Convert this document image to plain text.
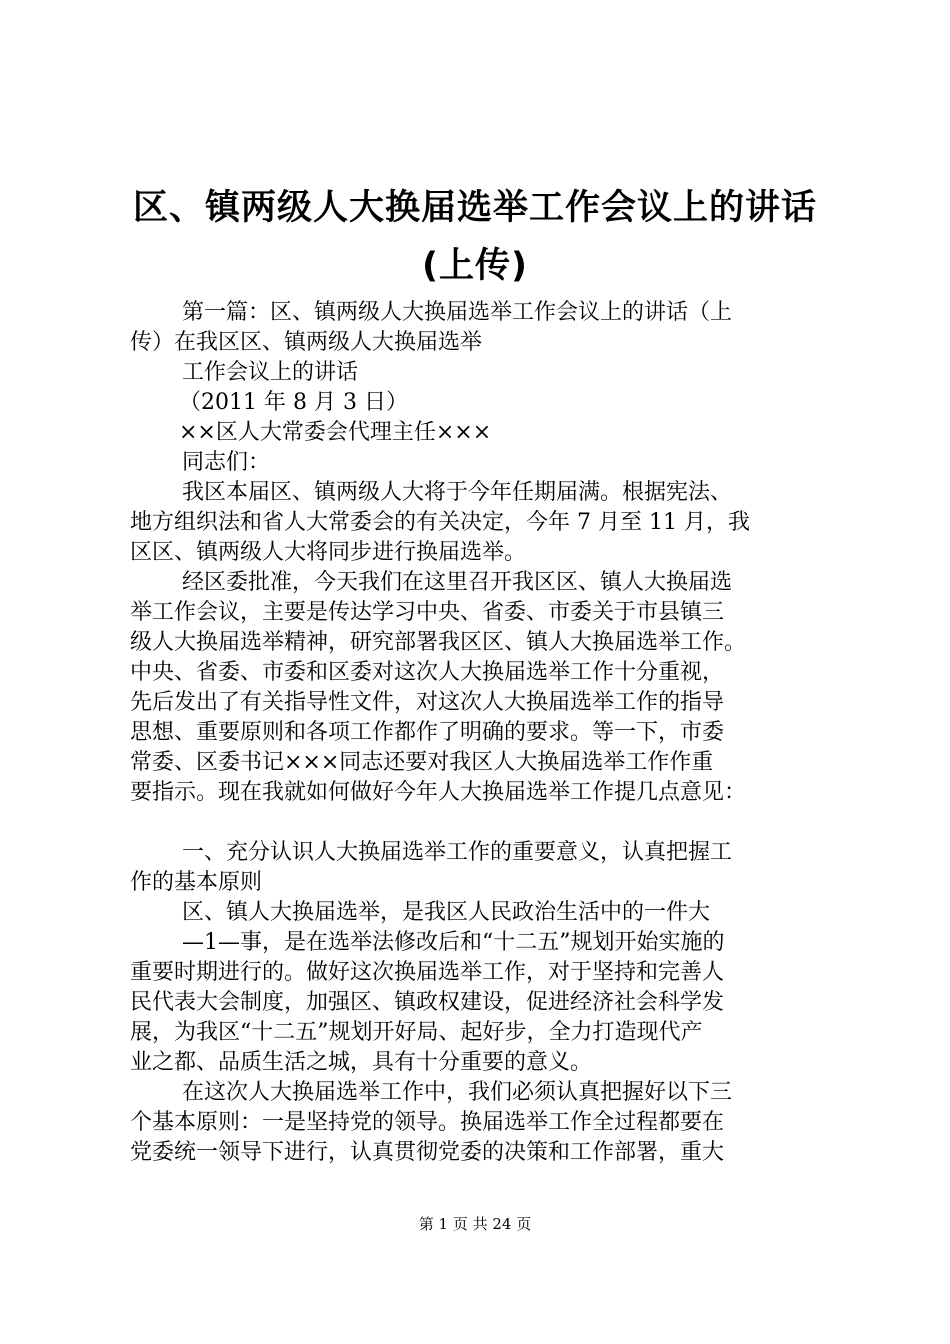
区、镇两级人大换届选举工作会议上的讲话
(上传)
第一篇：区、镇两级人大换届选举工作会议上的讲话（上
传）在我区区、镇两级人大换届选举
工作会议上的讲话
（2011 年 8 月 3 日）
××区人大常委会代理主任×××
同志们：
我区本届区、镇两级人大将于今年任期届满。根据宪法、
地方组织法和省人大常委会的有关决定，今年 7 月至 11 月，我
区区、镇两级人大将同步进行换届选举。
经区委批准，今天我们在这里召开我区区、镇人大换届选
举工作会议，主要是传达学习中央、省委、市委关于市县镇三
级人大换届选举精神，研究部署我区区、镇人大换届选举工作。
中央、省委、市委和区委对这次人大换届选举工作十分重视，
先后发出了有关指导性文件，对这次人大换届选举工作的指导
思想、重要原则和各项工作都作了明确的要求。等一下，市委
常委、区委书记×××同志还要对我区人大换届选举工作作重
要指示。现在我就如何做好今年人大换届选举工作提几点意见：
一、充分认识人大换届选举工作的重要意义，认真把握工
作的基本原则
区、镇人大换届选举，是我区人民政治生活中的一件大
—1—事，是在选举法修改后和“十二五”规划开始实施的
重要时期进行的。做好这次换届选举工作，对于坚持和完善人
民代表大会制度，加强区、镇政权建设，促进经济社会科学发
展，为我区“十二五”规划开好局、起好步，全力打造现代产
业之都、品质生活之城，具有十分重要的意义。
在这次人大换届选举工作中，我们必须认真把握好以下三
个基本原则：一是坚持党的领导。换届选举工作全过程都要在
党委统一领导下进行，认真贯彻党委的决策和工作部署，重大
第 1 页 共 24 页
